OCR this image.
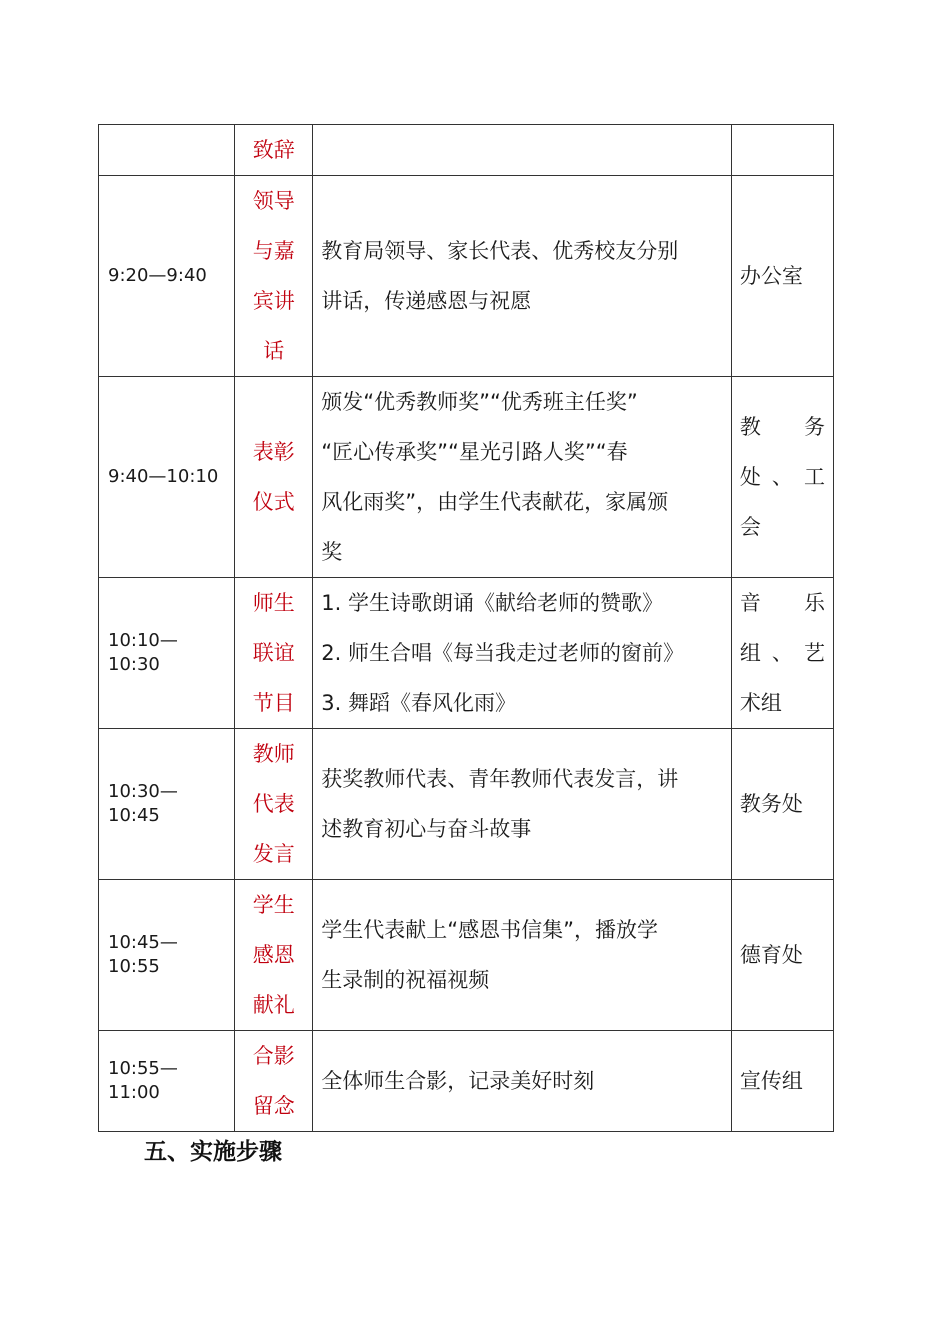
	致辞	

9:20—9:40	领导与嘉宾讲话	教育局领导、家长代表、优秀校友分别
讲话，传递感恩与祝愿	办公室

9:40—10:10	表彰仪式	颁发“优秀教师奖”“优秀班主任奖”
“匠心传承奖”“星光引路人奖”“春
风化雨奖”，由学生代表献花，家属颁
奖	教　务
处、工
会

10:10—10:30	师生联谊节目	1. 学生诗歌朗诵《献给老师的赞歌》
2. 师生合唱《每当我走过老师的窗前》
3. 舞蹈《春风化雨》	音　乐
组、艺
术组

10:30—10:45	教师代表发言	获奖教师代表、青年教师代表发言，讲
述教育初心与奋斗故事	教务处

10:45—10:55	学生感恩献礼	学生代表献上“感恩书信集”，播放学
生录制的祝福视频	德育处

10:55—11:00	合影留念	全体师生合影，记录美好时刻	宣传组
五、实施步骤
